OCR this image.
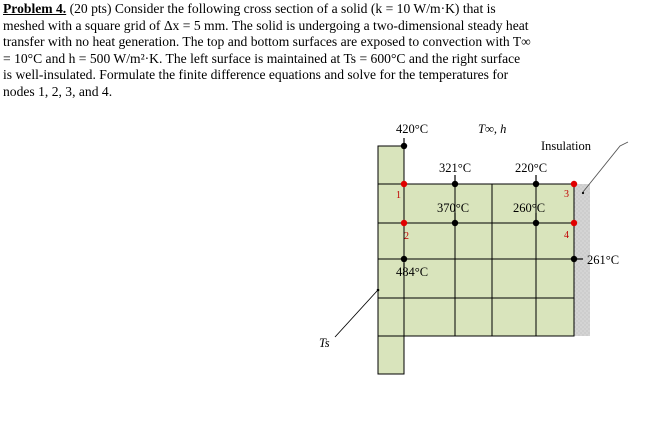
Problem 4. (20 pts) Consider the following cross section of a solid (k = 10 W/m·K) that is
meshed with a square grid of Δx = 5 mm. The solid is undergoing a two-dimensional steady heat
transfer with no heat generation. The top and bottom surfaces are exposed to convection with T∞
= 10°C and h = 500 W/m²·K. The left surface is maintained at Ts = 600°C and the right surface
is well-insulated. Formulate the finite difference equations and solve for the temperatures for
nodes 1, 2, 3, and 4.
420°C	T∞, h
Insulation
321°C	220°C
370°C	260°C
484°C
261°C
Ts
1
2
3
4
